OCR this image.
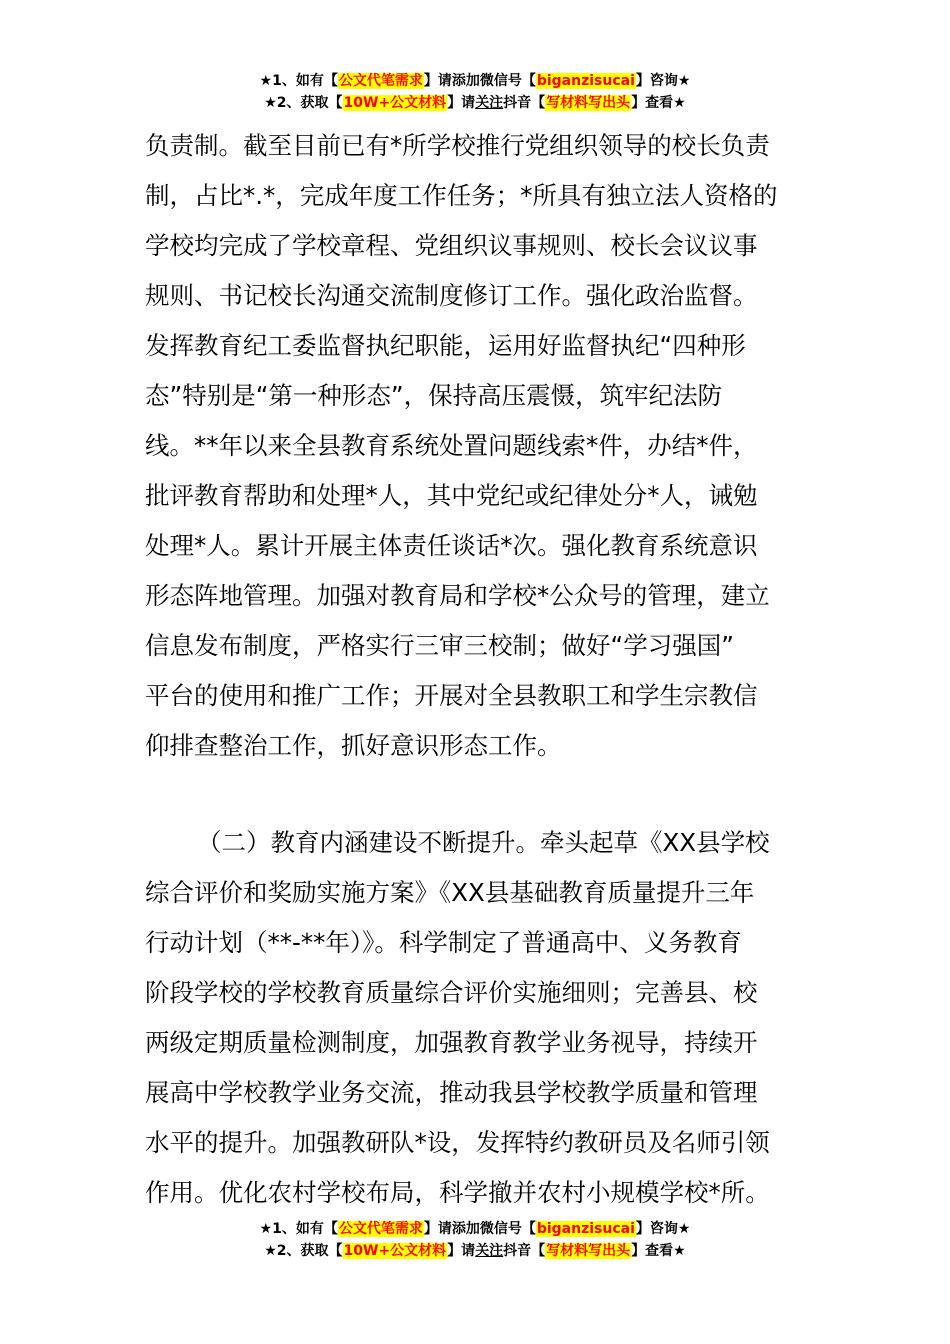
★1、如有【公文代笔需求】请添加微信号【biganzisucai】咨询★
★2、获取【10W+公文材料】请关注抖音【写材料写出头】查看★
负责制。截至目前已有*所学校推行党组织领导的校长负责
制，占比*.*，完成年度工作任务；*所具有独立法人资格的
学校均完成了学校章程、党组织议事规则、校长会议议事
规则、书记校长沟通交流制度修订工作。强化政治监督。
发挥教育纪工委监督执纪职能，运用好监督执纪“四种形
态”特别是“第一种形态”，保持高压震慑，筑牢纪法防
线。**年以来全县教育系统处置问题线索*件，办结*件，
批评教育帮助和处理*人，其中党纪或纪律处分*人，诫勉
处理*人。累计开展主体责任谈话*次。强化教育系统意识
形态阵地管理。加强对教育局和学校*公众号的管理，建立
信息发布制度，严格实行三审三校制；做好“学习强国”
平台的使用和推广工作；开展对全县教职工和学生宗教信
仰排查整治工作，抓好意识形态工作。
（二）教育内涵建设不断提升。牵头起草《XX县学校
综合评价和奖励实施方案》《XX县基础教育质量提升三年
行动计划（**-**年）》。科学制定了普通高中、义务教育
阶段学校的学校教育质量综合评价实施细则；完善县、校
两级定期质量检测制度，加强教育教学业务视导，持续开
展高中学校教学业务交流，推动我县学校教学质量和管理
水平的提升。加强教研队*设，发挥特约教研员及名师引领
作用。优化农村学校布局，科学撤并农村小规模学校*所。
★1、如有【公文代笔需求】请添加微信号【biganzisucai】咨询★
★2、获取【10W+公文材料】请关注抖音【写材料写出头】查看★
